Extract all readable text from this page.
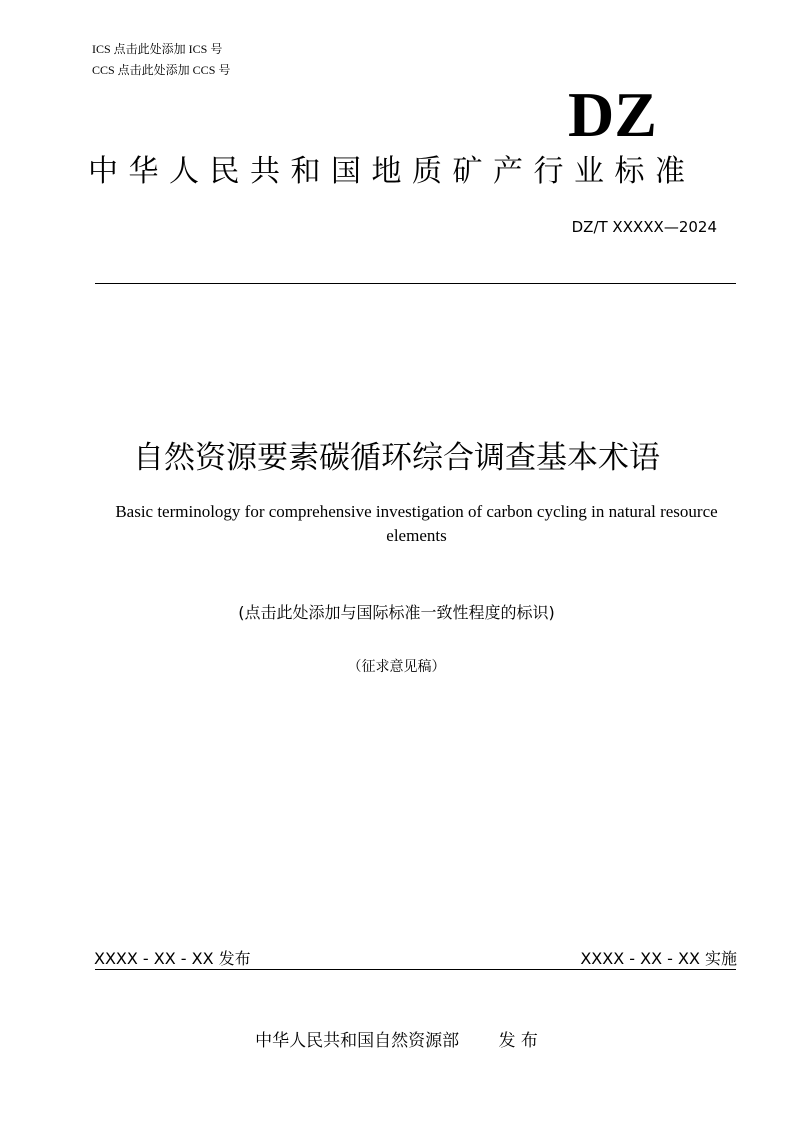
ICS 点击此处添加 ICS 号
CCS 点击此处添加 CCS 号
DZ
中华人民共和国地质矿产行业标准
DZ/T XXXXX—2024
自然资源要素碳循环综合调查基本术语
Basic terminology for comprehensive investigation of carbon cycling in natural resource elements
(点击此处添加与国际标准一致性程度的标识)
（征求意见稿）
XXXX - XX - XX 发布	XXXX - XX - XX 实施
中华人民共和国自然资源部　　 发 布
